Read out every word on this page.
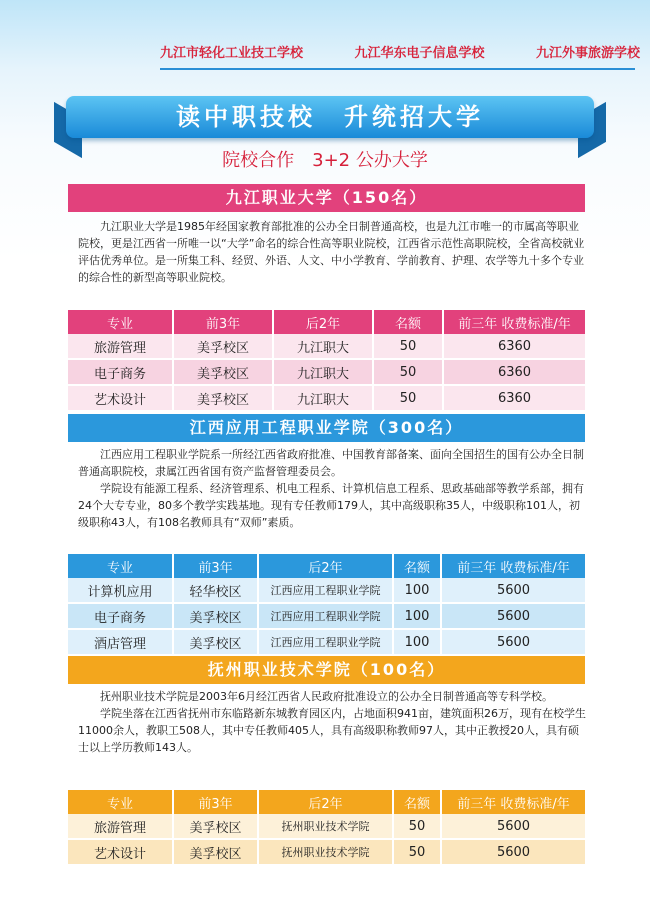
九江市轻化工业技工学校	九江华东电子信息学校	九江外事旅游学校
读中职技校　升统招大学
院校合作　3+2 公办大学
九江职业大学（150名）

九江职业大学是1985年经国家教育部批准的公办全日制普通高校，也是九江市唯一的市属高等职业院校，更是江西省一所唯一以“大学”命名的综合性高等职业院校，江西省示范性高职院校，全省高校就业评估优秀单位。是一所集工科、经贸、外语、人文、中小学教育、学前教育、护理、农学等九十多个专业的综合性的新型高等职业院校。

专业	前3年	后2年	名额	前三年 收费标准/年
旅游管理	美孚校区	九江职大	50	6360
电子商务	美孚校区	九江职大	50	6360
艺术设计	美孚校区	九江职大	50	6360
江西应用工程职业学院（300名）

江西应用工程职业学院系一所经江西省政府批准、中国教育部备案、面向全国招生的国有公办全日制普通高职院校，隶属江西省国有资产监督管理委员会。

学院设有能源工程系、经济管理系、机电工程系、计算机信息工程系、思政基础部等教学系部，拥有24个大专专业，80多个教学实践基地。现有专任教师179人，其中高级职称35人，中级职称101人，初级职称43人，有108名教师具有“双师”素质。

专业	前3年	后2年	名额	前三年 收费标准/年
计算机应用	轻华校区	江西应用工程职业学院	100	5600
电子商务	美孚校区	江西应用工程职业学院	100	5600
酒店管理	美孚校区	江西应用工程职业学院	100	5600
抚州职业技术学院（100名）

抚州职业技术学院是2003年6月经江西省人民政府批准设立的公办全日制普通高等专科学校。

学院坐落在江西省抚州市东临路新东城教育园区内，占地面积941亩，建筑面积26万，现有在校学生11000余人，教职工508人，其中专任教师405人，具有高级职称教师97人，其中正教授20人，具有硕士以上学历教师143人。

专业	前3年	后2年	名额	前三年 收费标准/年
旅游管理	美孚校区	抚州职业技术学院	50	5600
艺术设计	美孚校区	抚州职业技术学院	50	5600
